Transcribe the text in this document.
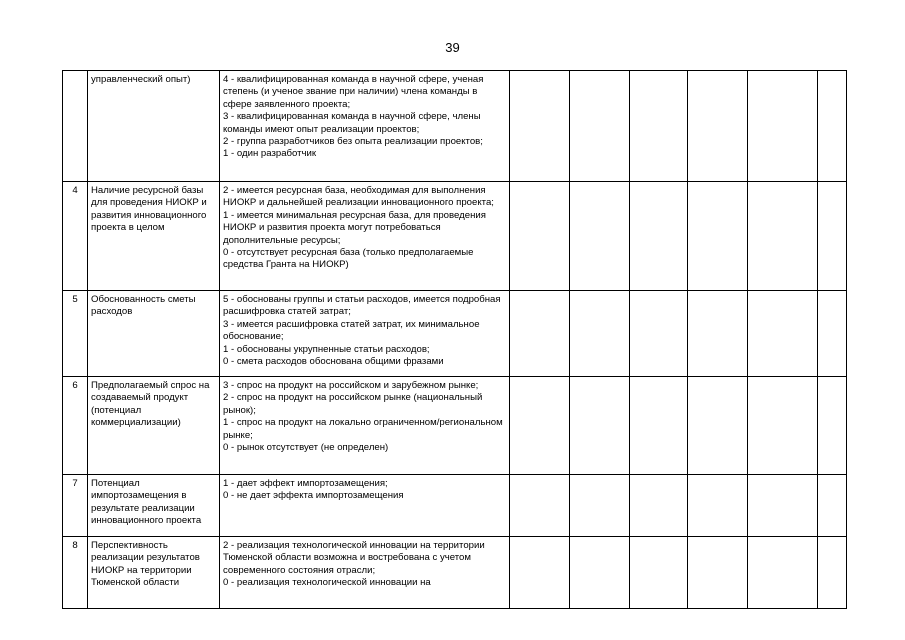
39
	управленческий опыт)	4 - квалифицированная команда в научной сфере, ученая степень (и ученое звание при наличии) члена команды в сфере заявленного проекта;
3 - квалифицированная команда в научной сфере, члены команды имеют опыт реализации проектов;
2 - группа разработчиков без опыта реализации проектов;
1 - один разработчик						
4	Наличие ресурсной базы для проведения НИОКР и развития инновационного проекта в целом	2 - имеется ресурсная база, необходимая для выполнения НИОКР и дальнейшей реализации инновационного проекта;
1 - имеется минимальная ресурсная база, для проведения НИОКР и развития проекта могут потребоваться дополнительные ресурсы;
0 - отсутствует ресурсная база (только предполагаемые средства Гранта на НИОКР)						
5	Обоснованность сметы расходов	5 - обоснованы группы и статьи расходов, имеется подробная расшифровка статей затрат;
3 - имеется расшифровка статей затрат, их минимальное обоснование;
1 - обоснованы укрупненные статьи расходов;
0 - смета расходов обоснована общими фразами						
6	Предполагаемый спрос на создаваемый продукт (потенциал коммерциализации)	3 - спрос на продукт на российском и зарубежном рынке;
2 - спрос на продукт на российском рынке (национальный рынок);
1 - спрос на продукт на локально ограниченном/региональном рынке;
0 - рынок отсутствует (не определен)						
7	Потенциал импортозамещения в результате реализации инновационного проекта	1 - дает эффект импортозамещения;
0 - не дает эффекта импортозамещения						
8	Перспективность реализации результатов НИОКР на территории Тюменской области	2 - реализация технологической инновации на территории Тюменской области возможна и востребована с учетом современного состояния отрасли;
0 - реализация технологической инновации на						
